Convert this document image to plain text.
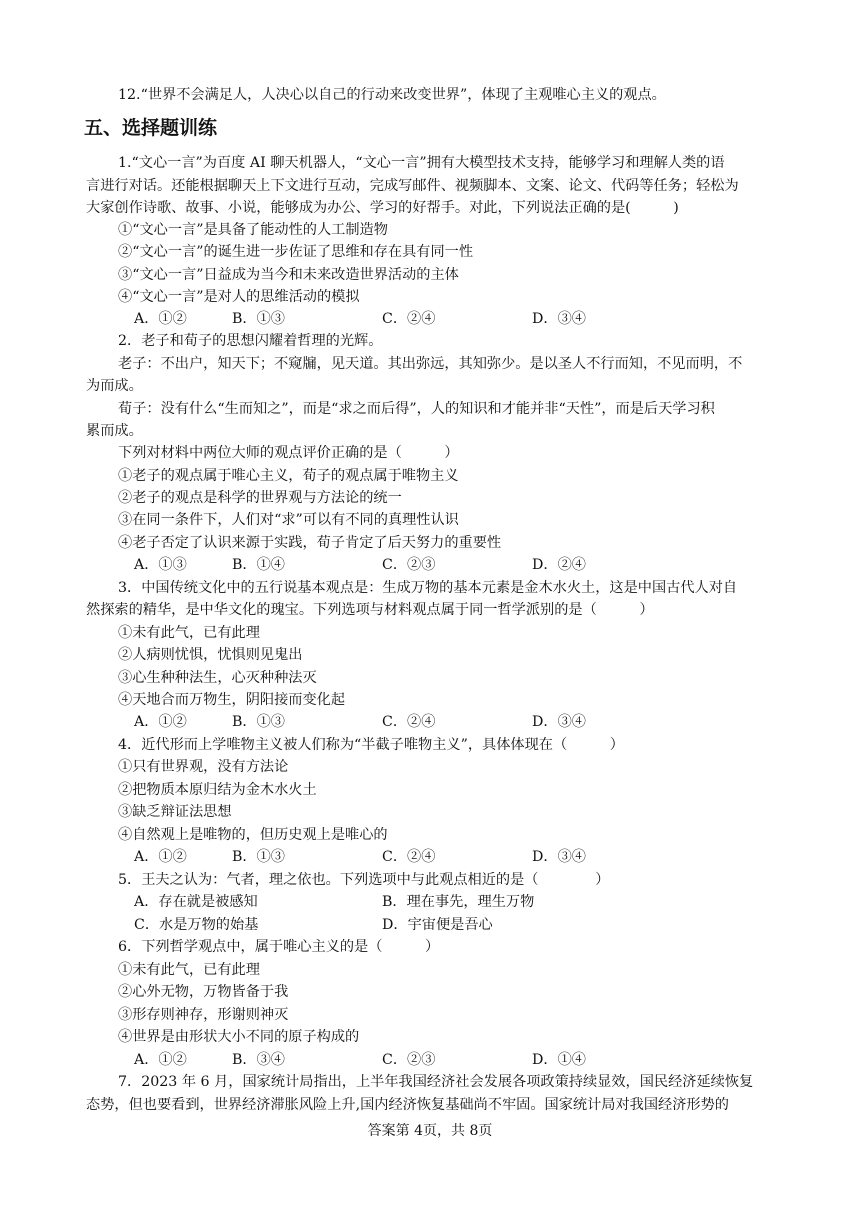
12.“世界不会满足人，人决心以自己的行动来改变世界”，体现了主观唯心主义的观点。
五、选择题训练
1.“文心一言”为百度 AI 聊天机器人，“文心一言”拥有大模型技术支持，能够学习和理解人类的语
言进行对话。还能根据聊天上下文进行互动，完成写邮件、视频脚本、文案、论文、代码等任务；轻松为
大家创作诗歌、故事、小说，能够成为办公、学习的好帮手。对此，下列说法正确的是(　　　)
①“文心一言”是具备了能动性的人工制造物
②“文心一言”的诞生进一步佐证了思维和存在具有同一性
③“文心一言”日益成为当今和未来改造世界活动的主体
④“文心一言”是对人的思维活动的模拟
A．①②	B．①③	C．②④	D．③④
2．老子和荀子的思想闪耀着哲理的光辉。
老子：不出户，知天下；不窥牖，见天道。其出弥远，其知弥少。是以圣人不行而知，不见而明，不
为而成。
荀子：没有什么“生而知之”，而是“求之而后得”，人的知识和才能并非“天性”，而是后天学习积
累而成。
下列对材料中两位大师的观点评价正确的是（　　　）
①老子的观点属于唯心主义，荀子的观点属于唯物主义
②老子的观点是科学的世界观与方法论的统一
③在同一条件下，人们对“求”可以有不同的真理性认识
④老子否定了认识来源于实践，荀子肯定了后天努力的重要性
A．①③	B．①④	C．②③	D．②④
3．中国传统文化中的五行说基本观点是：生成万物的基本元素是金木水火土，这是中国古代人对自
然探索的精华，是中华文化的瑰宝。下列选项与材料观点属于同一哲学派别的是（　　　）
①未有此气，已有此理
②人病则忧惧，忧惧则见鬼出
③心生种种法生，心灭种种法灭
④天地合而万物生，阴阳接而变化起
A．①②	B．①③	C．②④	D．③④
4．近代形而上学唯物主义被人们称为“半截子唯物主义”，具体体现在（　　　）
①只有世界观，没有方法论
②把物质本原归结为金木水火土
③缺乏辩证法思想
④自然观上是唯物的，但历史观上是唯心的
A．①②	B．①③	C．②④	D．③④
5．王夫之认为：气者，理之依也。下列选项中与此观点相近的是（　　　　）
A．存在就是被感知	B．理在事先，理生万物
C．水是万物的始基	D．宇宙便是吾心
6．下列哲学观点中，属于唯心主义的是（　　　）
①未有此气，已有此理
②心外无物，万物皆备于我
③形存则神存，形谢则神灭
④世界是由形状大小不同的原子构成的
A．①②	B．③④	C．②③	D．①④
7．2023 年 6 月，国家统计局指出，上半年我国经济社会发展各项政策持续显效，国民经济延续恢复
态势，但也要看到，世界经济滞胀风险上升,国内经济恢复基础尚不牢固。国家统计局对我国经济形势的
答案第 4页，共 8页
